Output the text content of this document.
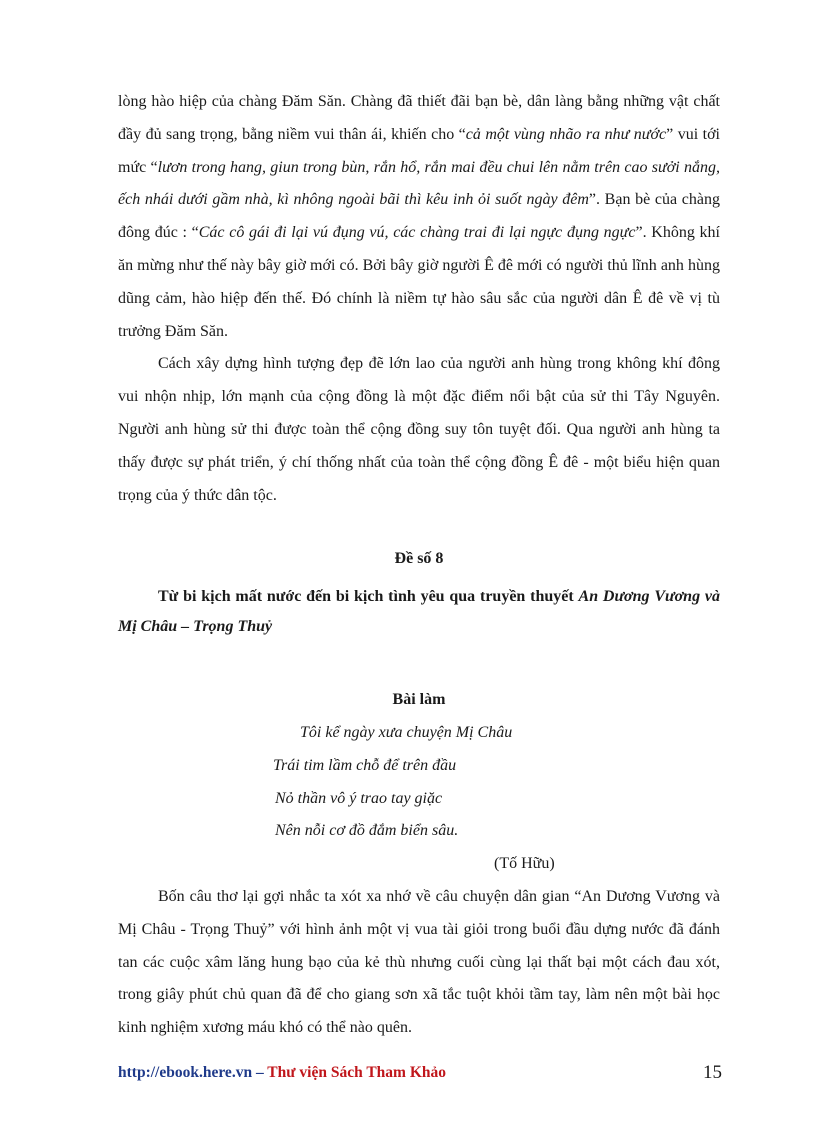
lòng hào hiệp của chàng Đăm Săn. Chàng đã thiết đãi bạn bè, dân làng bằng những vật chất đầy đủ sang trọng, bằng niềm vui thân ái, khiến cho “cả một vùng nhão ra như nước” vui tới mức “lươn trong hang, giun trong bùn, rắn hổ, rắn mai đều chui lên nằm trên cao sưởi nắng, ếch nhái dưới gầm nhà, kì nhông ngoài bãi thì kêu inh ỏi suốt ngày đêm”. Bạn bè của chàng đông đúc : “Các cô gái đi lại vú đụng vú, các chàng trai đi lại ngực đụng ngực”. Không khí ăn mừng như thế này bây giờ mới có. Bởi bây giờ người Ê đê mới có người thủ lĩnh anh hùng dũng cảm, hào hiệp đến thế. Đó chính là niềm tự hào sâu sắc của người dân Ê đê về vị tù trưởng Đăm Săn.

Cách xây dựng hình tượng đẹp đẽ lớn lao của người anh hùng trong không khí đông vui nhộn nhịp, lớn mạnh của cộng đồng là một đặc điểm nổi bật của sử thi Tây Nguyên. Người anh hùng sử thi được toàn thể cộng đồng suy tôn tuyệt đối. Qua người anh hùng ta thấy được sự phát triển, ý chí thống nhất của toàn thể cộng đồng Ê đê - một biểu hiện quan trọng của ý thức dân tộc.

Đề số 8

Từ bi kịch mất nước đến bi kịch tình yêu qua truyền thuyết An Dương Vương và Mị Châu – Trọng Thuỷ

Bài làm

Tôi kể ngày xưa chuyện Mị Châu
Trái tim lầm chỗ để trên đầu
Nỏ thần vô ý trao tay giặc
Nên nỗi cơ đồ đắm biển sâu.

(Tố Hữu)

Bốn câu thơ lại gợi nhắc ta xót xa nhớ về câu chuyện dân gian “An Dương Vương và Mị Châu - Trọng Thuỷ” với hình ảnh một vị vua tài giỏi trong buổi đầu dựng nước đã đánh tan các cuộc xâm lăng hung bạo của kẻ thù nhưng cuối cùng lại thất bại một cách đau xót, trong giây phút chủ quan đã để cho giang sơn xã tắc tuột khỏi tầm tay, làm nên một bài học kinh nghiệm xương máu khó có thể nào quên.

http://ebook.here.vn – Thư viện Sách Tham Khảo	15
